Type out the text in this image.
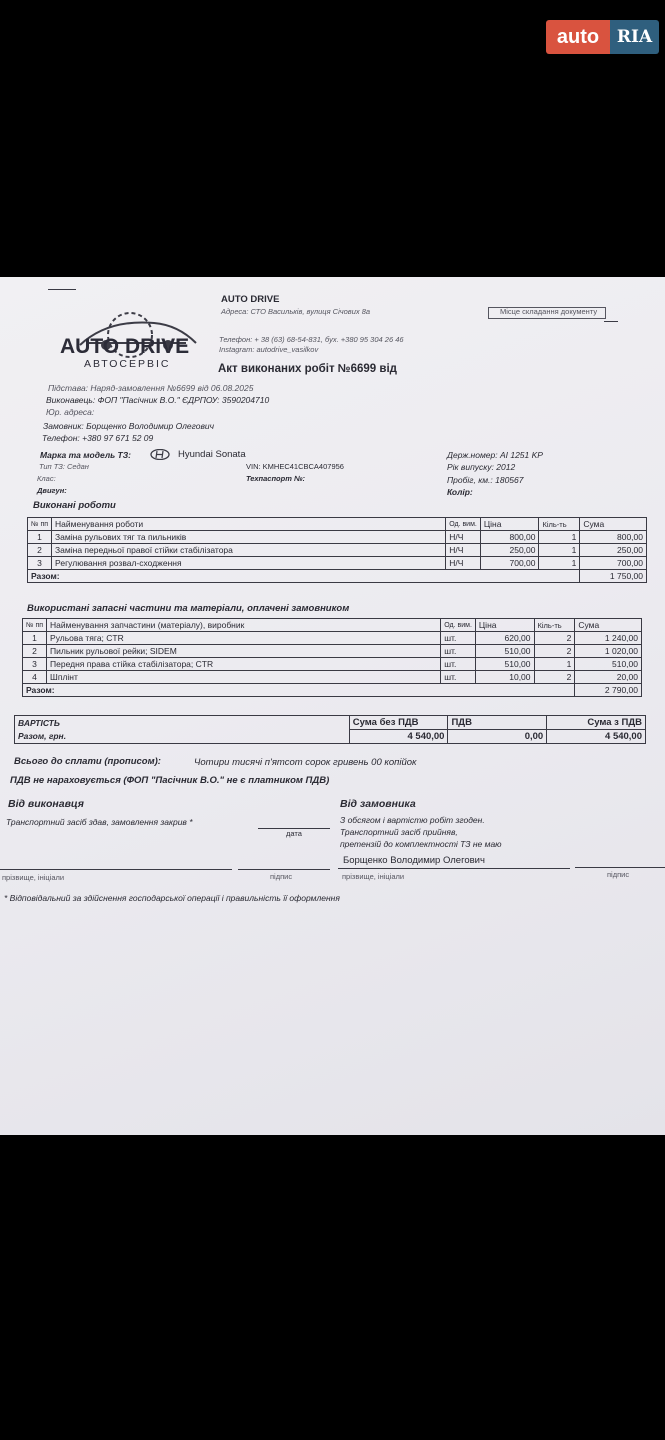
auto	RIA
AUTO DRIVE
АВТОСЕРВІС
AUTO DRIVE
Адреса: СТО Васильків, вулиця Січових 8а
Телефон: + 38 (63) 68-54-831, бух. +380 95 304 26 46
Instagram: autodrive_vasilkov
Місце складання документу
Акт виконаних робіт №6699 від
Підстава: Наряд-замовлення №6699 від 06.08.2025
Виконавець: ФОП "Пасічник В.О." ЄДРПОУ: 3590204710
Юр. адреса:
Замовник: Борщенко Володимир Олегович
Телефон: +380 97 671 52 09
Марка та модель ТЗ:	Hyundai Sonata
Тип ТЗ: Седан
Клас:
Двигун:
VIN: KMHEC41CBCA407956
Техпаспорт №:
Держ.номер: AI 1251 KP
Рік випуску: 2012
Пробіг, км.: 180567
Колір:
Виконані роботи
№ пп	Найменування роботи	Од. вим.	Ціна	Кіль-ть	Сума
1	Заміна рульових тяг та пильників	Н/Ч	800,00	1	800,00
2	Заміна передньої правої стійки стабілізатора	Н/Ч	250,00	1	250,00
3	Регулювання розвал-сходження	Н/Ч	700,00	1	700,00
Разом:					1 750,00
Використані запасні частини та матеріали, оплачені замовником
№ пп	Найменування запчастини (матеріалу), виробник	Од. вим.	Ціна	Кіль-ть	Сума
1	Рульова тяга; CTR	шт.	620,00	2	1 240,00
2	Пильник рульової рейки; SIDEM	шт.	510,00	2	1 020,00
3	Передня права стійка стабілізатора; CTR	шт.	510,00	1	510,00
4	Шплінт	шт.	10,00	2	20,00
Разом:					2 790,00
ВАРТІСТЬ	Сума без ПДВ	ПДВ	Сума з ПДВ
Разом, грн.	4 540,00	0,00	4 540,00
Всього до сплати (прописом):	Чотири тисячі п'ятсот сорок гривень 00 копійок
ПДВ не нараховується (ФОП "Пасічник В.О." не є платником ПДВ)
Від виконавця
Транспортний засіб здав, замовлення закрив *
дата
Від замовника
З обсягом і вартістю робіт згоден.
Транспортний засіб прийняв,
претензій до комплектності ТЗ не маю
Борщенко Володимир Олегович
прізвище, ініціали	підпис	прізвище, ініціали	підпис
* Відповідальний за здійснення господарської операції і правильність її оформлення
